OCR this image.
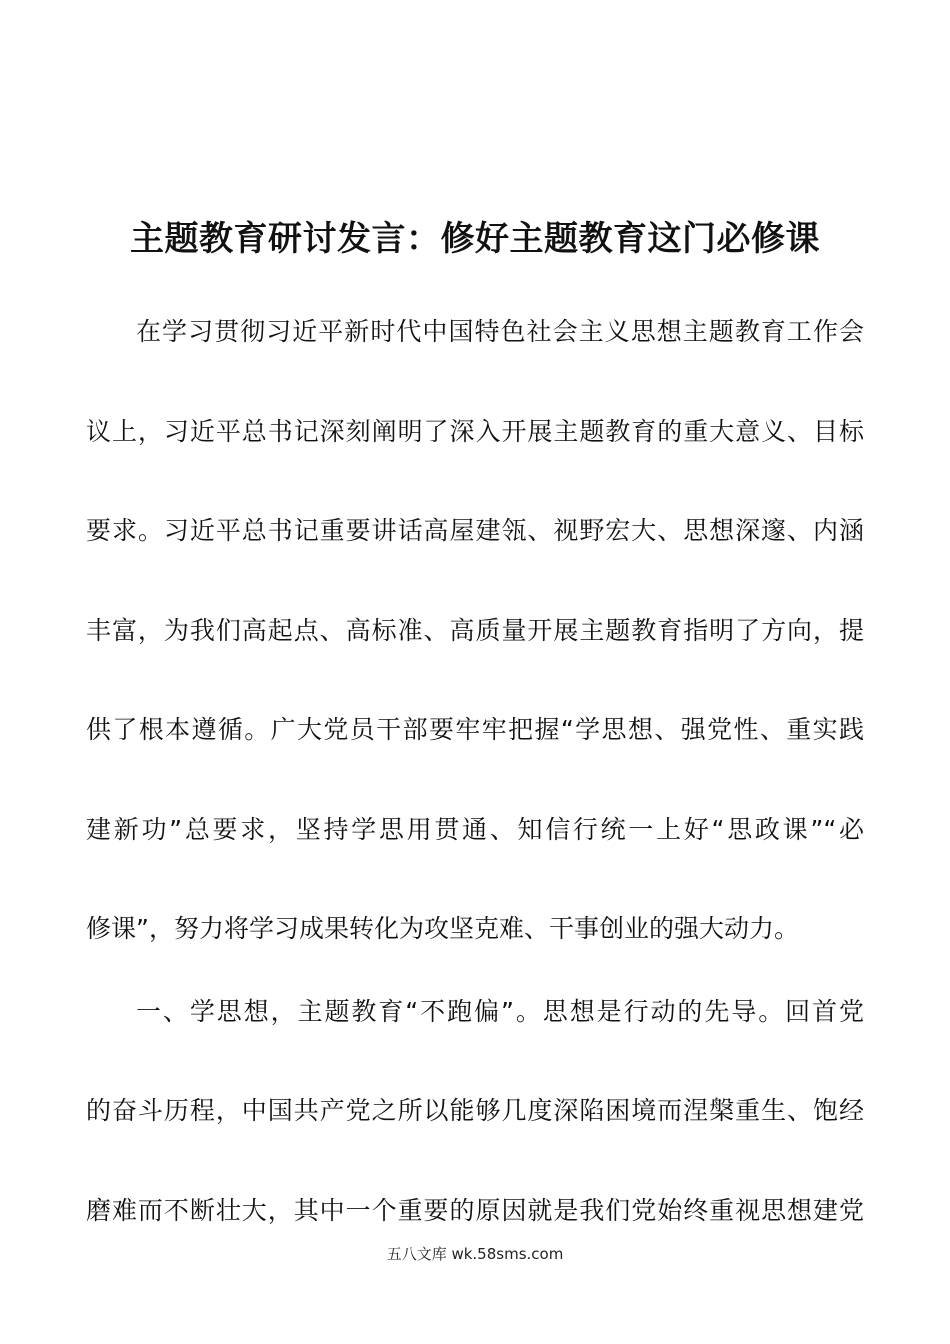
主题教育研讨发言：修好主题教育这门必修课
在学习贯彻习近平新时代中国特色社会主义思想主题教育工作会
议上，习近平总书记深刻阐明了深入开展主题教育的重大意义、目标
要求。习近平总书记重要讲话高屋建瓴、视野宏大、思想深邃、内涵
丰富，为我们高起点、高标准、高质量开展主题教育指明了方向，提
供了根本遵循。广大党员干部要牢牢把握“学思想、强党性、重实践
建新功”总要求，坚持学思用贯通、知信行统一上好“思政课”“必
修课”，努力将学习成果转化为攻坚克难、干事创业的强大动力。
一、学思想，主题教育“不跑偏”。思想是行动的先导。回首党
的奋斗历程，中国共产党之所以能够几度深陷困境而涅槃重生、饱经
磨难而不断壮大，其中一个重要的原因就是我们党始终重视思想建党
五八文库 wk.58sms.com
